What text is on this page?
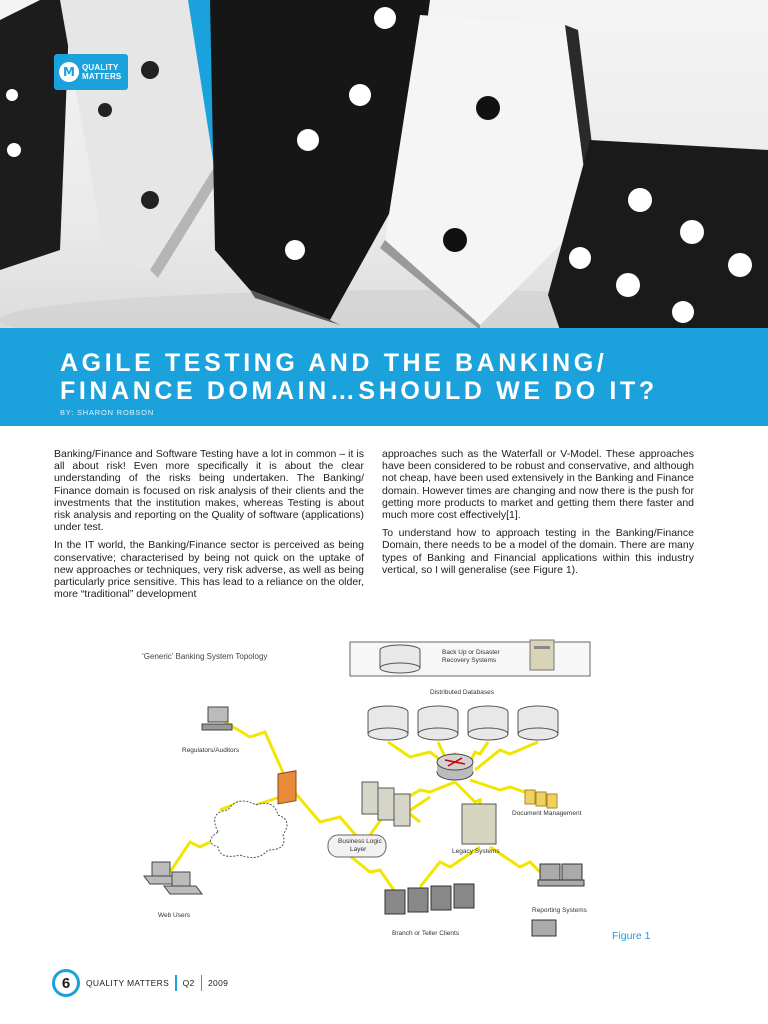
M QUALITY
MATTERS
AGILE TESTING AND THE BANKING/
FINANCE DOMAIN…SHOULD WE DO IT?
BY: SHARON ROBSON

Banking/Finance and Software Testing have a lot in common – it is all about risk! Even more specifically it is about the clear understanding of the risks being undertaken. The Banking/ Finance domain is focused on risk analysis of their clients and the investments that the institution makes, whereas Testing is about risk analysis and reporting on the Quality of software (applications) under test.

In the IT world, the Banking/Finance sector is perceived as being conservative; characterised by being not quick on the uptake of new approaches or techniques, very risk adverse, as well as being particularly price sensitive. This has lead to a reliance on the older, more “traditional” development

approaches such as the Waterfall or V-Model. These approaches have been considered to be robust and conservative, and although not cheap, have been used extensively in the Banking and Finance domain. However times are changing and now there is the push for getting more products to market and getting them there faster and much more cost effectively[1].

To understand how to approach testing in the Banking/Finance Domain, there needs to be a model of the domain. There are many types of Banking and Financial applications within this industry vertical, so I will generalise (see Figure 1).

‘Generic’ Banking System Topology	Back Up or Disaster
Recovery Systems
Distributed Databases
Regulators/Auditors
Document Management
Business Logic
Layer	Legacy Systems
Web Users
Branch or Teller Clients
Reporting Systems
Figure 1
6	QUALITY MATTERS	Q2	2009
